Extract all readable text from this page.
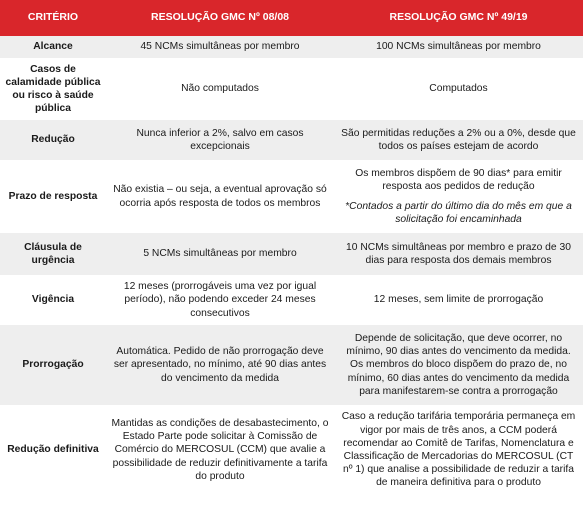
CRITÉRIO	RESOLUÇÃO GMC Nº 08/08	RESOLUÇÃO GMC Nº 49/19
Alcance	45 NCMs simultâneas por membro	100 NCMs simultâneas por membro
Casos de calamidade pública ou risco à saúde pública	Não computados	Computados
Redução	Nunca inferior a 2%, salvo em casos excepcionais	São permitidas reduções a 2% ou a 0%, desde que todos os países estejam de acordo
Prazo de resposta	Não existia – ou seja, a eventual aprovação só ocorria após resposta de todos os membros	Os membros dispõem de 90 dias* para emitir resposta aos pedidos de redução
*Contados a partir do último dia do mês em que a solicitação foi encaminhada

Cláusula de urgência	5 NCMs simultâneas por membro	10 NCMs simultâneas por membro e prazo de 30 dias para resposta dos demais membros
Vigência	12 meses (prorrogáveis uma vez por igual período), não podendo exceder 24 meses consecutivos	12 meses, sem limite de prorrogação
Prorrogação	Automática. Pedido de não prorrogação deve ser apresentado, no mínimo, até 90 dias antes do vencimento da medida	Depende de solicitação, que deve ocorrer, no mínimo, 90 dias antes do vencimento da medida. Os membros do bloco dispõem do prazo de, no mínimo, 60 dias antes do vencimento da medida para manifestarem-se contra a prorrogação
Redução definitiva	Mantidas as condições de desabastecimento, o Estado Parte pode solicitar à Comissão de Comércio do MERCOSUL (CCM) que avalie a possibilidade de reduzir definitivamente a tarifa do produto	Caso a redução tarifária temporária permaneça em vigor por mais de três anos, a CCM poderá recomendar ao Comitê de Tarifas, Nomenclatura e Classificação de Mercadorias do MERCOSUL (CT nº 1) que analise a possibilidade de reduzir a tarifa de maneira definitiva para o produto
